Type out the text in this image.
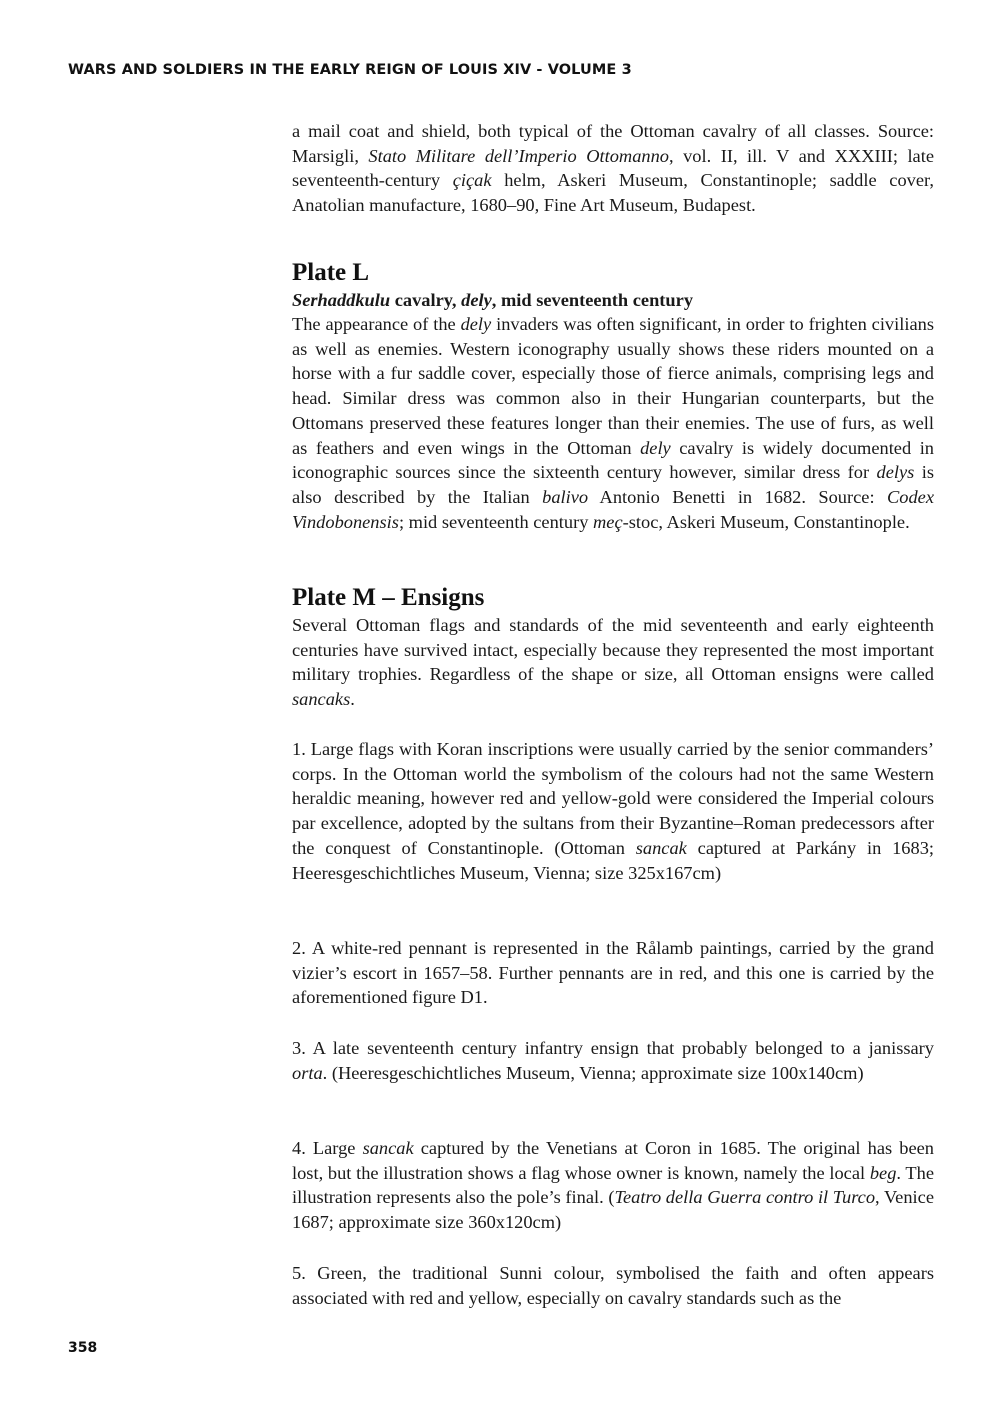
WARS AND SOLDIERS IN THE EARLY REIGN OF LOUIS XIV - VOLUME 3

a mail coat and shield, both typical of the Ottoman cavalry of all classes. Source: Marsigli, Stato Militare dell’Imperio Ottomanno, vol. II, ill. V and XXXIII; late seventeenth-century çiçak helm, Askeri Museum, Constantinople; saddle cover, Anatolian manufacture, 1680–90, Fine Art Museum, Budapest.

Plate L

Serhaddkulu cavalry, dely, mid seventeenth century

The appearance of the dely invaders was often significant, in order to frighten civilians as well as enemies. Western iconography usually shows these riders mounted on a horse with a fur saddle cover, especially those of fierce animals, comprising legs and head. Similar dress was common also in their Hungarian counterparts, but the Ottomans preserved these features longer than their enemies. The use of furs, as well as feathers and even wings in the Ottoman dely cavalry is widely documented in iconographic sources since the sixteenth century however, similar dress for delys is also described by the Italian balivo Antonio Benetti in 1682. Source: Codex Vindobonensis; mid seventeenth century meç-stoc, Askeri Museum, Constantinople.

Plate M – Ensigns

Several Ottoman flags and standards of the mid seventeenth and early eighteenth centuries have survived intact, especially because they represented the most important military trophies. Regardless of the shape or size, all Ottoman ensigns were called sancaks.

1. Large flags with Koran inscriptions were usually carried by the senior commanders’ corps. In the Ottoman world the symbolism of the colours had not the same Western heraldic meaning, however red and yellow-gold were considered the Imperial colours par excellence, adopted by the sultans from their Byzantine–Roman predecessors after the conquest of Constantinople. (Ottoman sancak captured at Parkány in 1683; Heeresgeschichtliches Museum, Vienna; size 325x167cm)

2. A white-red pennant is represented in the Rålamb paintings, carried by the grand vizier’s escort in 1657–58. Further pennants are in red, and this one is carried by the aforementioned figure D1.

3. A late seventeenth century infantry ensign that probably belonged to a janissary orta. (Heeresgeschichtliches Museum, Vienna; approximate size 100x140cm)

4. Large sancak captured by the Venetians at Coron in 1685. The original has been lost, but the illustration shows a flag whose owner is known, namely the local beg. The illustration represents also the pole’s final. (Teatro della Guerra contro il Turco, Venice 1687; approximate size 360x120cm)

5. Green, the traditional Sunni colour, symbolised the faith and often appears associated with red and yellow, especially on cavalry standards such as the

358
